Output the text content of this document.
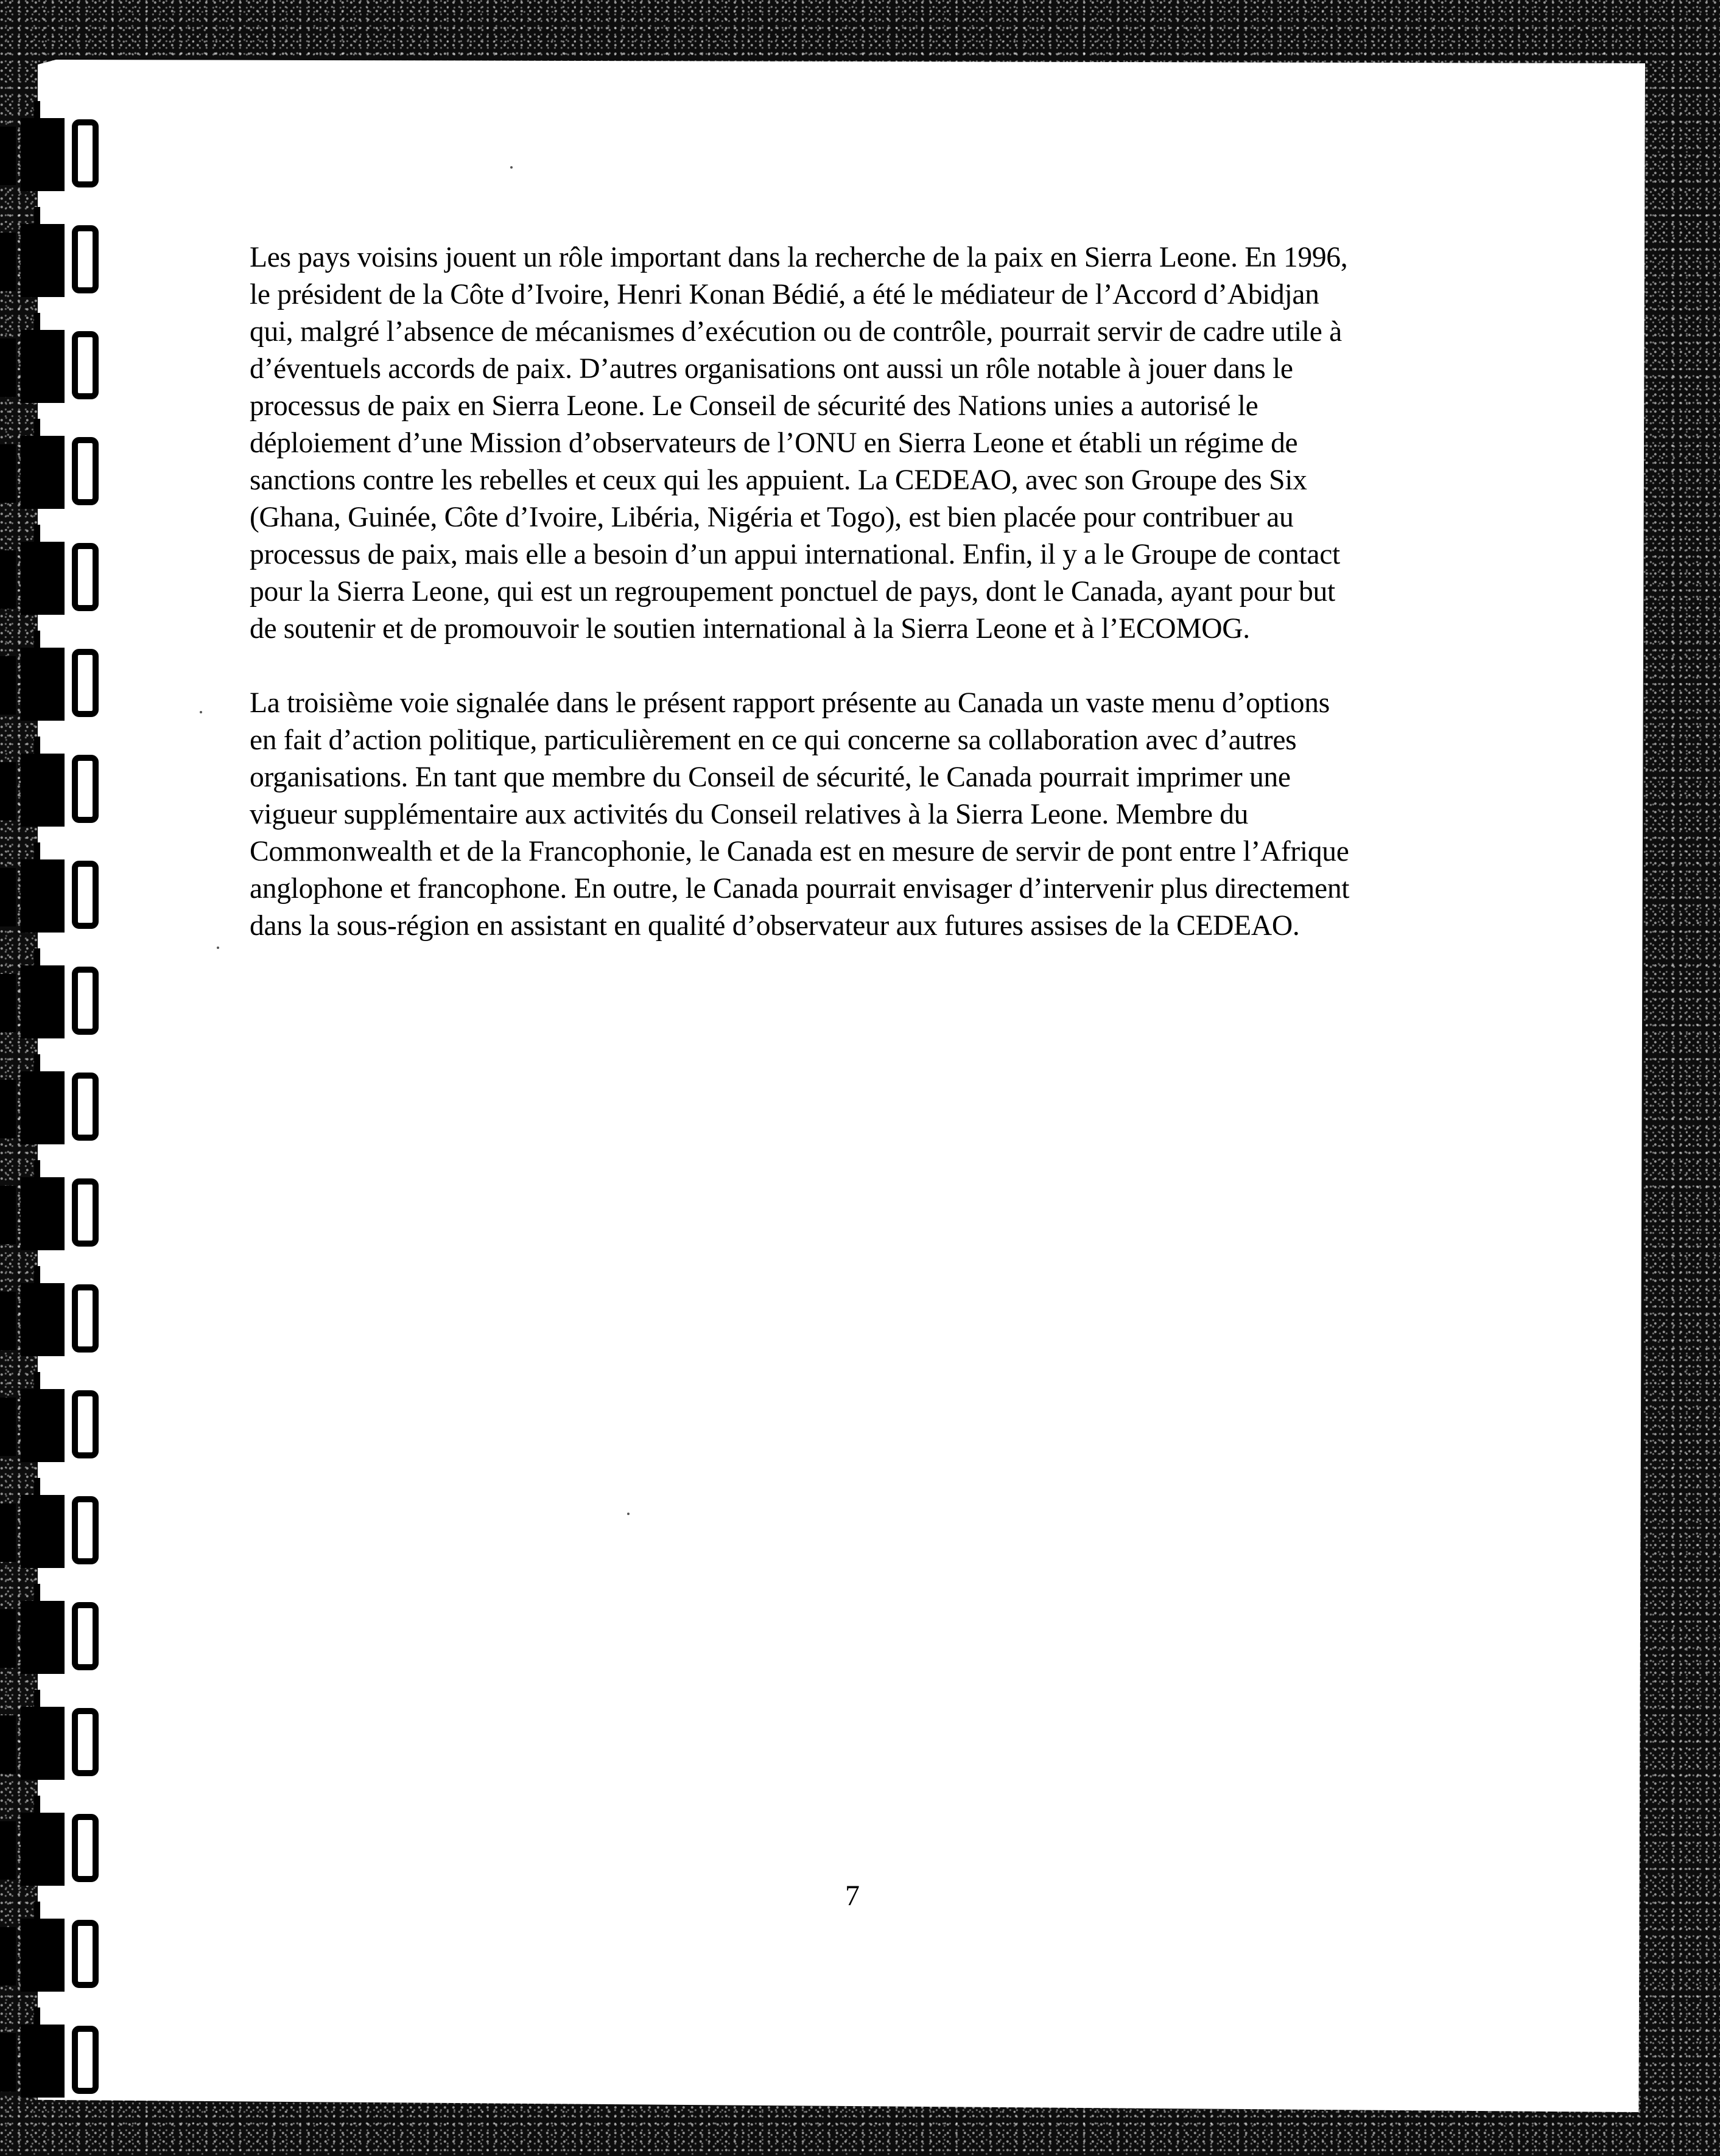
Les pays voisins jouent un rôle important dans la recherche de la paix en Sierra Leone. En 1996,
le président de la Côte d’Ivoire, Henri Konan Bédié, a été le médiateur de l’Accord d’Abidjan
qui, malgré l’absence de mécanismes d’exécution ou de contrôle, pourrait servir de cadre utile à
d’éventuels accords de paix. D’autres organisations ont aussi un rôle notable à jouer dans le
processus de paix en Sierra Leone. Le Conseil de sécurité des Nations unies a autorisé le
déploiement d’une Mission d’observateurs de l’ONU en Sierra Leone et établi un régime de
sanctions contre les rebelles et ceux qui les appuient. La CEDEAO, avec son Groupe des Six
(Ghana, Guinée, Côte d’Ivoire, Libéria, Nigéria et Togo), est bien placée pour contribuer au
processus de paix, mais elle a besoin d’un appui international. Enfin, il y a le Groupe de contact
pour la Sierra Leone, qui est un regroupement ponctuel de pays, dont le Canada, ayant pour but
de soutenir et de promouvoir le soutien international à la Sierra Leone et à l’ECOMOG.

La troisième voie signalée dans le présent rapport présente au Canada un vaste menu d’options
en fait d’action politique, particulièrement en ce qui concerne sa collaboration avec d’autres
organisations. En tant que membre du Conseil de sécurité, le Canada pourrait imprimer une
vigueur supplémentaire aux activités du Conseil relatives à la Sierra Leone. Membre du
Commonwealth et de la Francophonie, le Canada est en mesure de servir de pont entre l’Afrique
anglophone et francophone. En outre, le Canada pourrait envisager d’intervenir plus directement
dans la sous-région en assistant en qualité d’observateur aux futures assises de la CEDEAO.

7
